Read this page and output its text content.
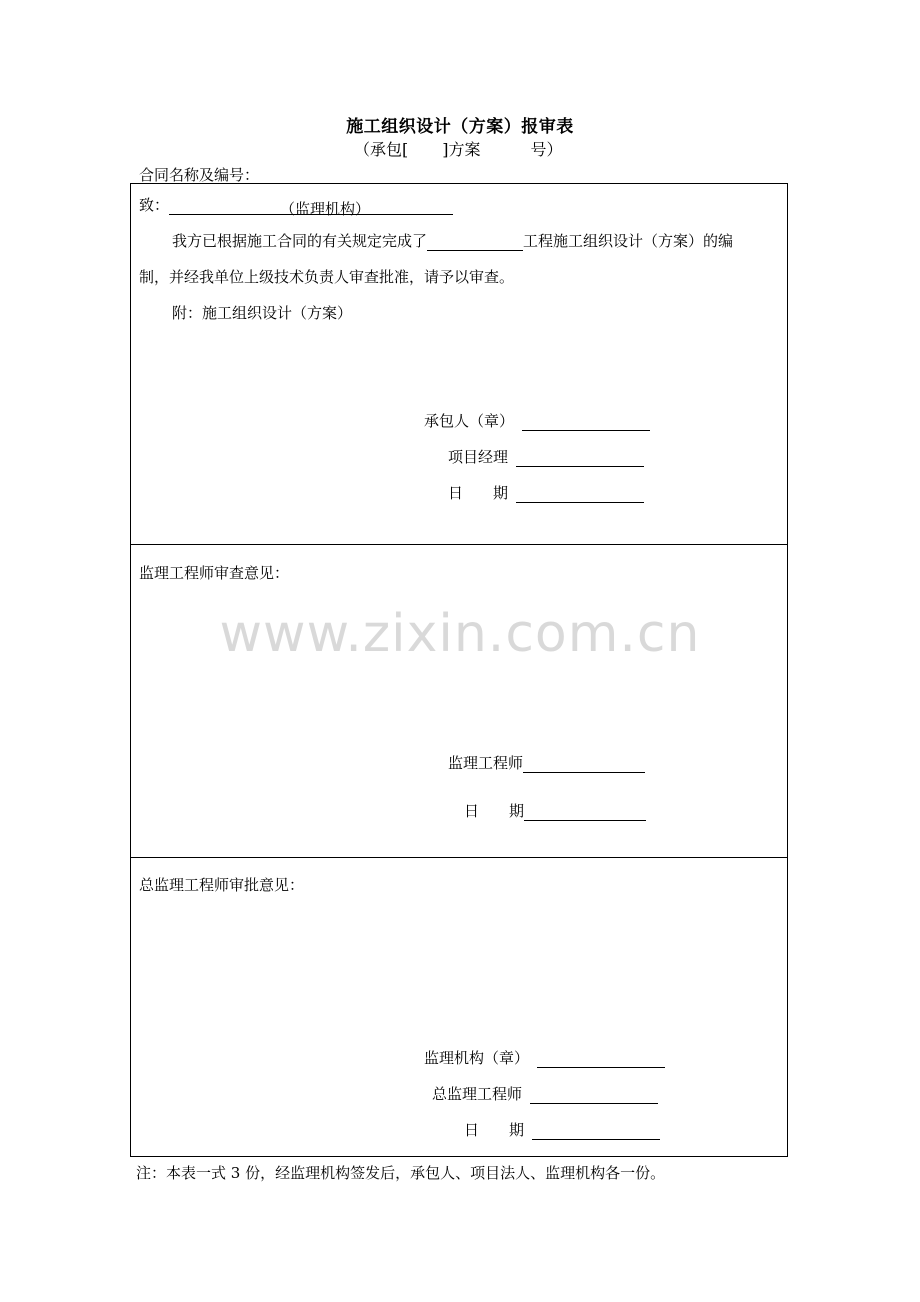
施工组织设计（方案）报审表
（承包[ ]方案	号）
合同名称及编号：
致：	（监理机构）
我方已根据施工合同的有关规定完成了	工程施工组织设计（方案）的编
制，并经我单位上级技术负责人审查批准，请予以审查。
附：施工组织设计（方案）
承包人（章）
项目经理
日　　期
监理工程师审查意见：
www.zixin.com.cn
监理工程师
日　　期
总监理工程师审批意见：
监理机构（章）
总监理工程师
日　　期
注：本表一式 3 份，经监理机构签发后，承包人、项目法人、监理机构各一份。
